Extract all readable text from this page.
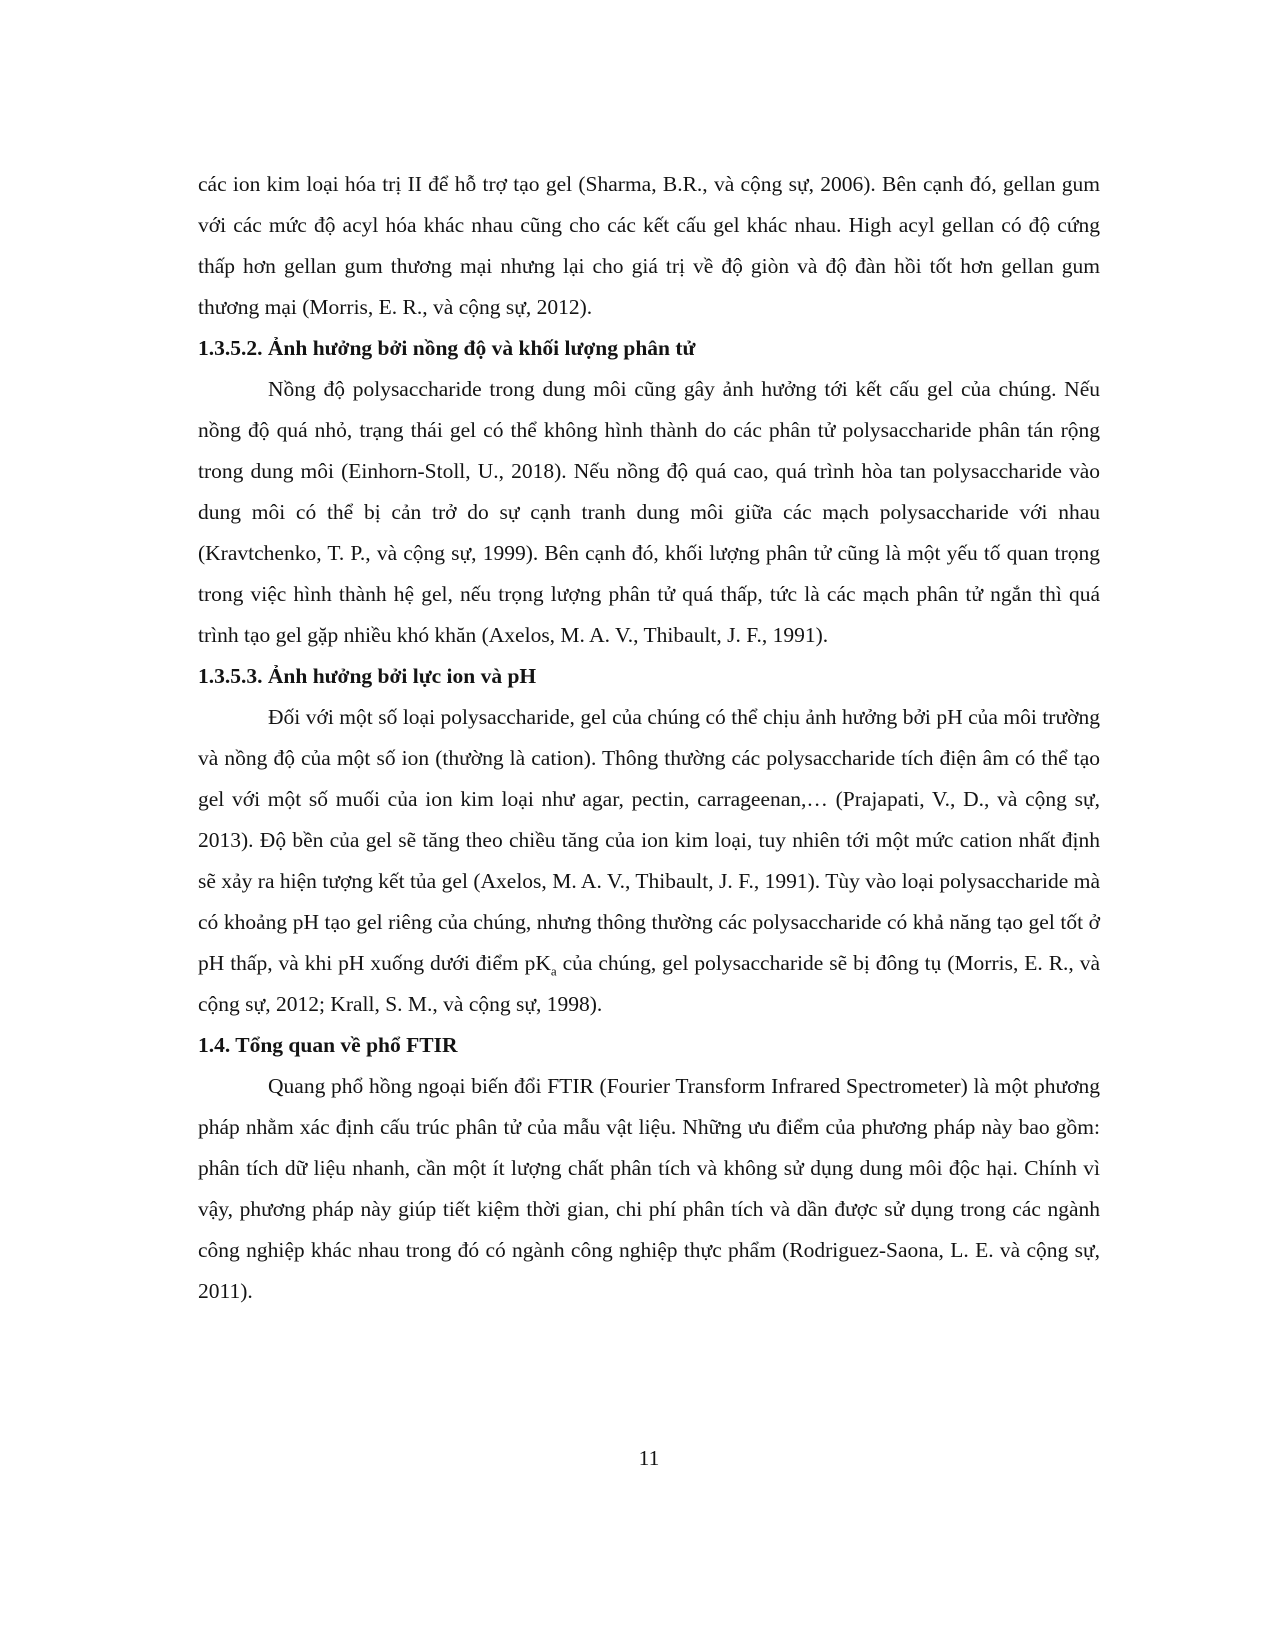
các ion kim loại hóa trị II để hỗ trợ tạo gel (Sharma, B.R., và cộng sự, 2006). Bên cạnh đó, gellan gum với các mức độ acyl hóa khác nhau cũng cho các kết cấu gel khác nhau. High acyl gellan có độ cứng thấp hơn gellan gum thương mại nhưng lại cho giá trị về độ giòn và độ đàn hồi tốt hơn gellan gum thương mại (Morris, E. R., và cộng sự, 2012).

1.3.5.2. Ảnh hưởng bởi nồng độ và khối lượng phân tử

Nồng độ polysaccharide trong dung môi cũng gây ảnh hưởng tới kết cấu gel của chúng. Nếu nồng độ quá nhỏ, trạng thái gel có thể không hình thành do các phân tử polysaccharide phân tán rộng trong dung môi (Einhorn-Stoll, U., 2018). Nếu nồng độ quá cao, quá trình hòa tan polysaccharide vào dung môi có thể bị cản trở do sự cạnh tranh dung môi giữa các mạch polysaccharide với nhau (Kravtchenko, T. P., và cộng sự, 1999). Bên cạnh đó, khối lượng phân tử cũng là một yếu tố quan trọng trong việc hình thành hệ gel, nếu trọng lượng phân tử quá thấp, tức là các mạch phân tử ngắn thì quá trình tạo gel gặp nhiều khó khăn (Axelos, M. A. V., Thibault, J. F., 1991).

1.3.5.3. Ảnh hưởng bởi lực ion và pH

Đối với một số loại polysaccharide, gel của chúng có thể chịu ảnh hưởng bởi pH của môi trường và nồng độ của một số ion (thường là cation). Thông thường các polysaccharide tích điện âm có thể tạo gel với một số muối của ion kim loại như agar, pectin, carrageenan,… (Prajapati, V., D., và cộng sự, 2013). Độ bền của gel sẽ tăng theo chiều tăng của ion kim loại, tuy nhiên tới một mức cation nhất định sẽ xảy ra hiện tượng kết tủa gel (Axelos, M. A. V., Thibault, J. F., 1991). Tùy vào loại polysaccharide mà có khoảng pH tạo gel riêng của chúng, nhưng thông thường các polysaccharide có khả năng tạo gel tốt ở pH thấp, và khi pH xuống dưới điểm $pK_a$ của chúng, gel polysaccharide sẽ bị đông tụ (Morris, E. R., và cộng sự, 2012; Krall, S. M., và cộng sự, 1998).

1.4. Tổng quan về phổ FTIR

Quang phổ hồng ngoại biến đổi FTIR (Fourier Transform Infrared Spectrometer) là một phương pháp nhằm xác định cấu trúc phân tử của mẫu vật liệu. Những ưu điểm của phương pháp này bao gồm: phân tích dữ liệu nhanh, cần một ít lượng chất phân tích và không sử dụng dung môi độc hại. Chính vì vậy, phương pháp này giúp tiết kiệm thời gian, chi phí phân tích và dần được sử dụng trong các ngành công nghiệp khác nhau trong đó có ngành công nghiệp thực phẩm (Rodriguez-Saona, L. E. và cộng sự, 2011).

11
